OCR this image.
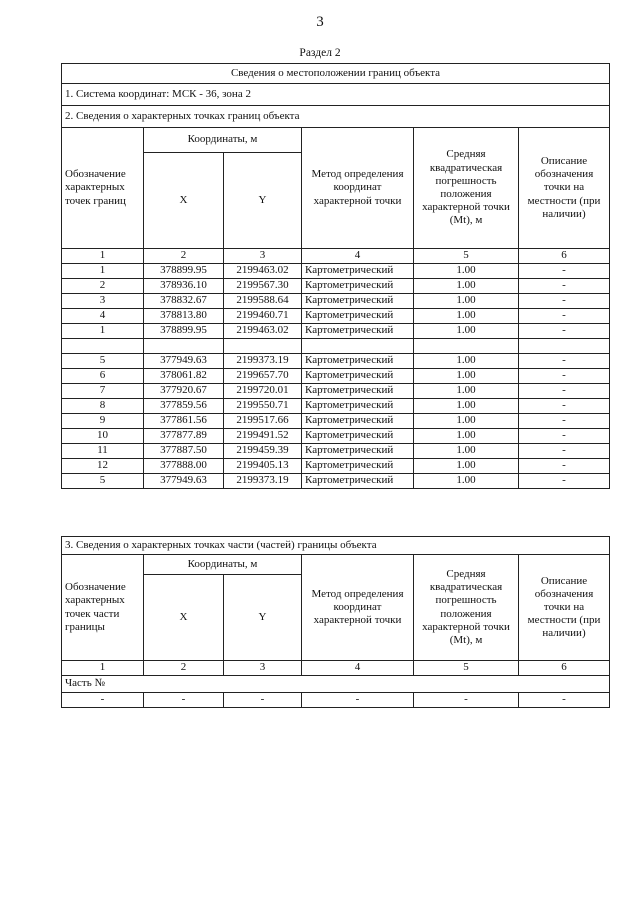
3
Раздел 2
Сведения о местоположении границ объекта					
1. Система координат: МСК - 36, зона 2					
2. Сведения о характерных точках границ объекта					
Обозначение характерных точек границ	Координаты, м		Метод определения координат характерной точки	Средняя квадратическая погрешность положения характерной точки (Mt), м	Описание обозначения точки на местности (при наличии)
	X	Y			
1	2	3	4	5	6
1	378899.95	2199463.02	Картометрический	1.00	-
2	378936.10	2199567.30	Картометрический	1.00	-
3	378832.67	2199588.64	Картометрический	1.00	-
4	378813.80	2199460.71	Картометрический	1.00	-
1	378899.95	2199463.02	Картометрический	1.00	-

5	377949.63	2199373.19	Картометрический	1.00	-
6	378061.82	2199657.70	Картометрический	1.00	-
7	377920.67	2199720.01	Картометрический	1.00	-
8	377859.56	2199550.71	Картометрический	1.00	-
9	377861.56	2199517.66	Картометрический	1.00	-
10	377877.89	2199491.52	Картометрический	1.00	-
11	377887.50	2199459.39	Картометрический	1.00	-
12	377888.00	2199405.13	Картометрический	1.00	-
5	377949.63	2199373.19	Картометрический	1.00	-
3. Сведения о характерных точках части (частей) границы объекта					
Обозначение характерных точек части границы	Координаты, м		Метод определения координат характерной точки	Средняя квадратическая погрешность положения характерной точки (Mt), м	Описание обозначения точки на местности (при наличии)
	X	Y			
1	2	3	4	5	6
Часть №					
-	-	-	-	-	-
